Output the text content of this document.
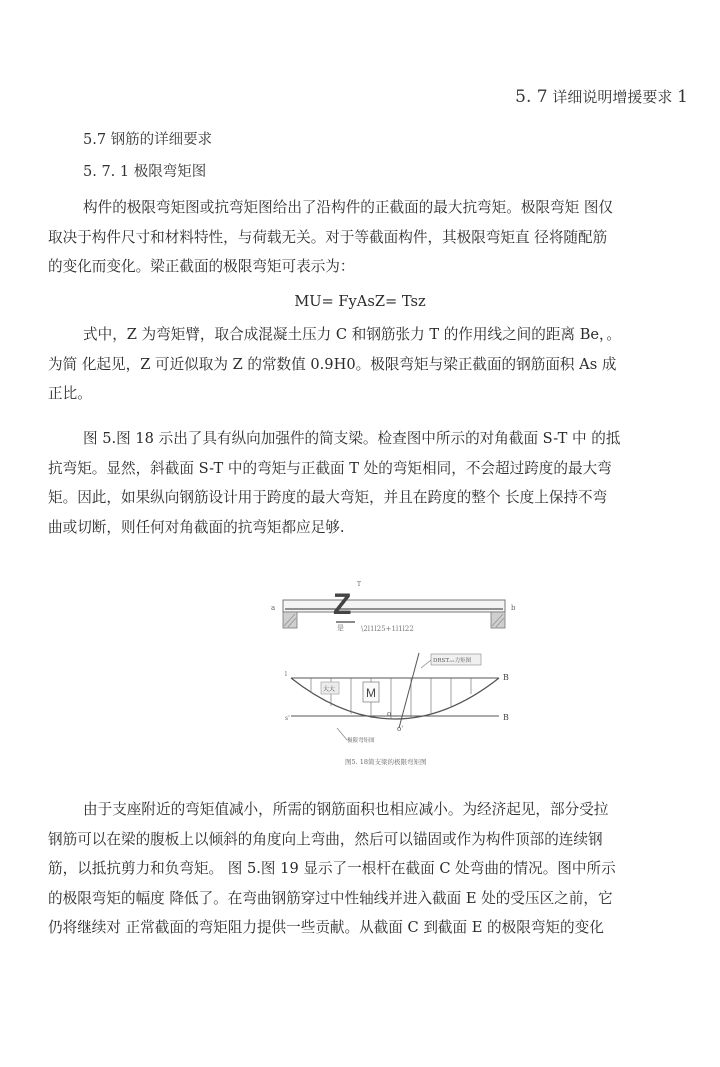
5. 7 详细说明增援要求 1
5.7 钢筋的详细要求
5. 7. 1 极限弯矩图
构件的极限弯矩图或抗弯矩图给出了沿构件的正截面的最大抗弯矩。极限弯矩 图仅
取决于构件尺寸和材料特性，与荷载无关。对于等截面构件，其极限弯矩直 径将随配筋
的变化而变化。梁正截面的极限弯矩可表示为：
MU= FyAsZ= Tsz
式中，Z 为弯矩臂，取合成混凝土压力 C 和钢筋张力 T 的作用线之间的距离 Be，。
为简 化起见，Z 可近似取为 Z 的常数值 0.9H0。极限弯矩与梁正截面的钢筋面积 As 成
正比。
图 5.图 18 示出了具有纵向加强件的简支梁。检查图中所示的对角截面 S-T 中 的抵
抗弯矩。显然，斜截面 S-T 中的弯矩与正截面 T 处的弯矩相同，不会超过跨度的最大弯
矩。因此，如果纵向钢筋设计用于跨度的最大弯矩，并且在跨度的整个 长度上保持不弯
曲或切断，则任何对角截面的抗弯矩都应足够.
a	b
T
Z
是 \2l1l25+1l1l22
大大	M
o
o'
l
s'
B
B
DRST.ₓₓ力矩图
极限弯矩图
图5. 18简支梁的极限弯矩图
由于支座附近的弯矩值减小，所需的钢筋面积也相应减小。为经济起见，部分受拉
钢筋可以在梁的腹板上以倾斜的角度向上弯曲，然后可以锚固或作为构件顶部的连续钢
筋，以抵抗剪力和负弯矩。 图 5.图 19 显示了一根杆在截面 C 处弯曲的情况。图中所示
的极限弯矩的幅度 降低了。在弯曲钢筋穿过中性轴线并进入截面 E 处的受压区之前，它
仍将继续对 正常截面的弯矩阻力提供一些贡献。从截面 C 到截面 E 的极限弯矩的变化
